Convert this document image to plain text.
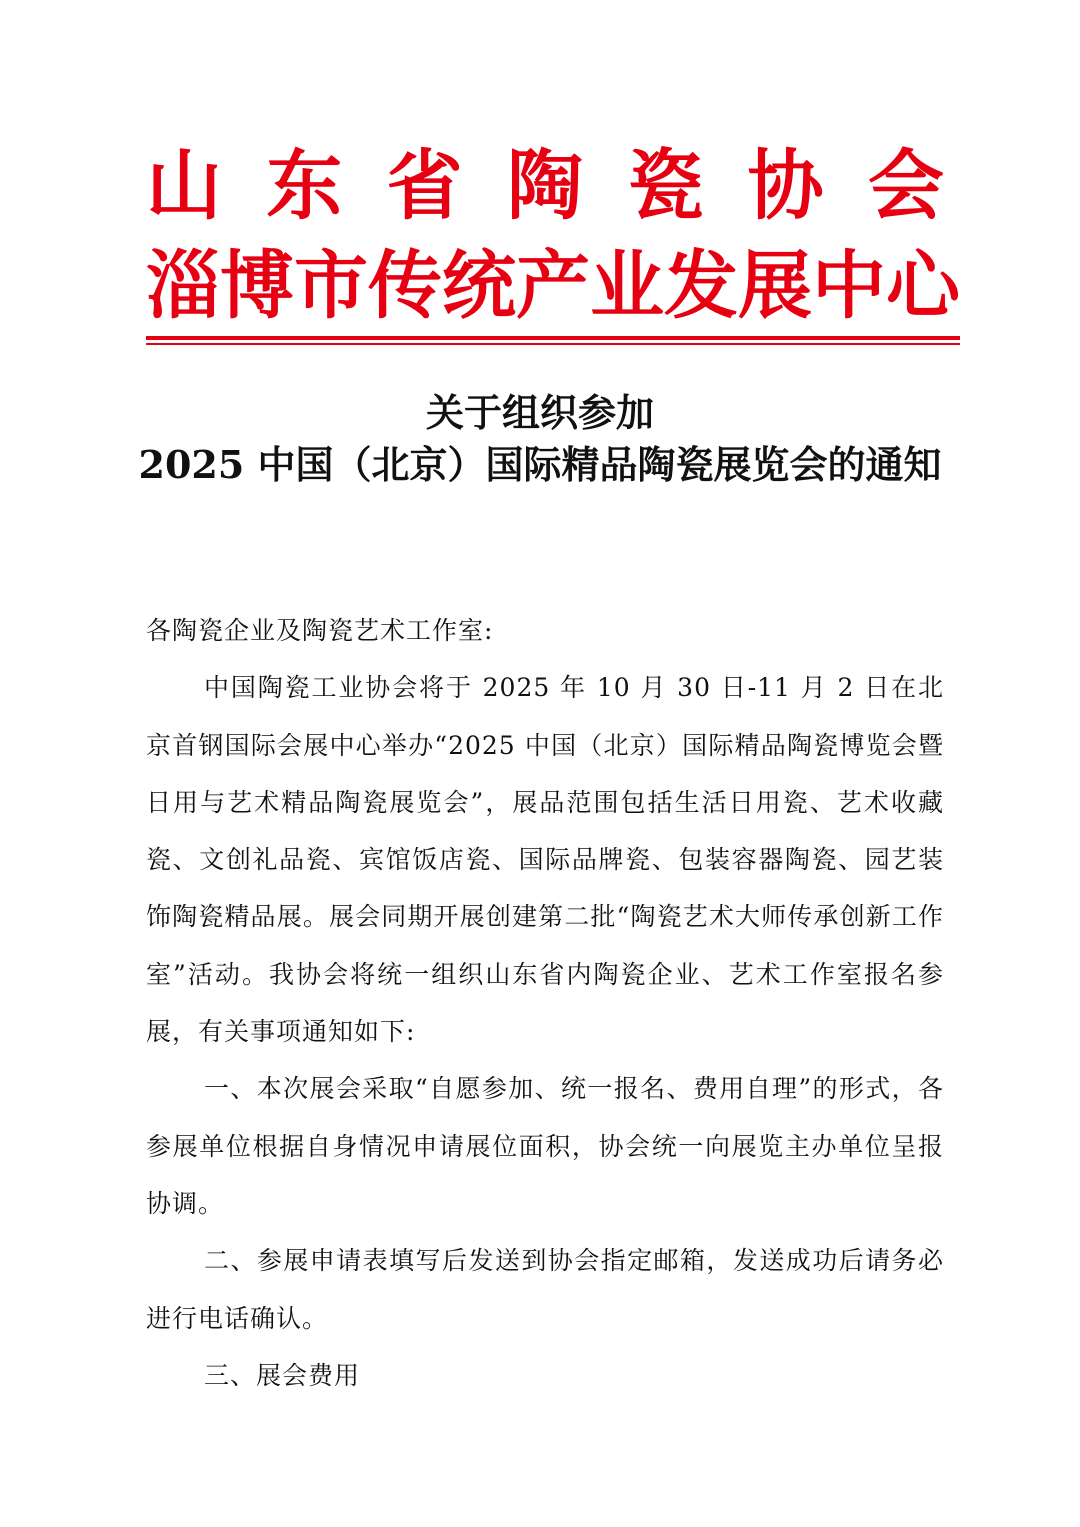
山 东 省 陶 瓷 协 会
淄 博 市 传 统 产 业 发 展 中 心
关于组织参加
2025 中国（北京）国际精品陶瓷展览会的通知

各陶瓷企业及陶瓷艺术工作室:

中国陶瓷工业协会将于 2025 年 10 月 30 日-11 月 2 日在北京首钢国际会展中心举办“2025 中国（北京）国际精品陶瓷博览会暨日用与艺术精品陶瓷展览会”，展品范围包括生活日用瓷、艺术收藏瓷、文创礼品瓷、宾馆饭店瓷、国际品牌瓷、包装容器陶瓷、园艺装饰陶瓷精品展。展会同期开展创建第二批“陶瓷艺术大师传承创新工作室”活动。我协会将统一组织山东省内陶瓷企业、艺术工作室报名参展，有关事项通知如下:

一、本次展会采取“自愿参加、统一报名、费用自理”的形式，各参展单位根据自身情况申请展位面积，协会统一向展览主办单位呈报协调。

二、参展申请表填写后发送到协会指定邮箱，发送成功后请务必进行电话确认。

三、展会费用
